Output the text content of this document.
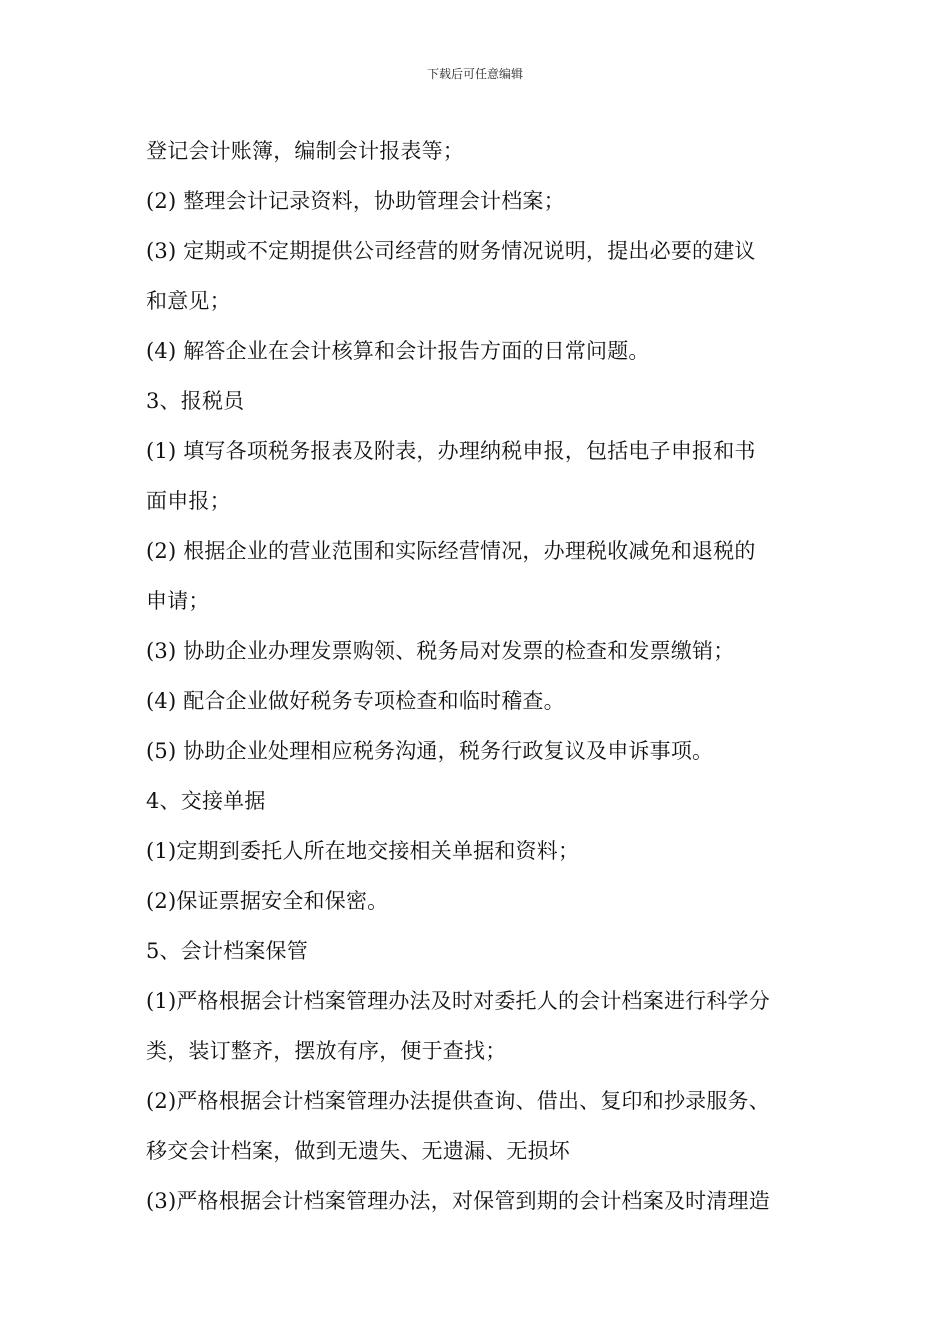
下载后可任意编辑
登记会计账簿，编制会计报表等；
(2) 整理会计记录资料，协助管理会计档案；
(3) 定期或不定期提供公司经营的财务情况说明，提出必要的建议
和意见；
(4) 解答企业在会计核算和会计报告方面的日常问题。
3、报税员
(1) 填写各项税务报表及附表，办理纳税申报，包括电子申报和书
面申报；
(2) 根据企业的营业范围和实际经营情况，办理税收减免和退税的
申请；
(3) 协助企业办理发票购领、税务局对发票的检查和发票缴销；
(4) 配合企业做好税务专项检查和临时稽查。
(5) 协助企业处理相应税务沟通，税务行政复议及申诉事项。
4、交接单据
(1)定期到委托人所在地交接相关单据和资料；
(2)保证票据安全和保密。
5、会计档案保管
(1)严格根据会计档案管理办法及时对委托人的会计档案进行科学分
类，装订整齐，摆放有序，便于查找；
(2)严格根据会计档案管理办法提供查询、借出、复印和抄录服务、
移交会计档案，做到无遗失、无遗漏、无损坏
(3)严格根据会计档案管理办法，对保管到期的会计档案及时清理造
